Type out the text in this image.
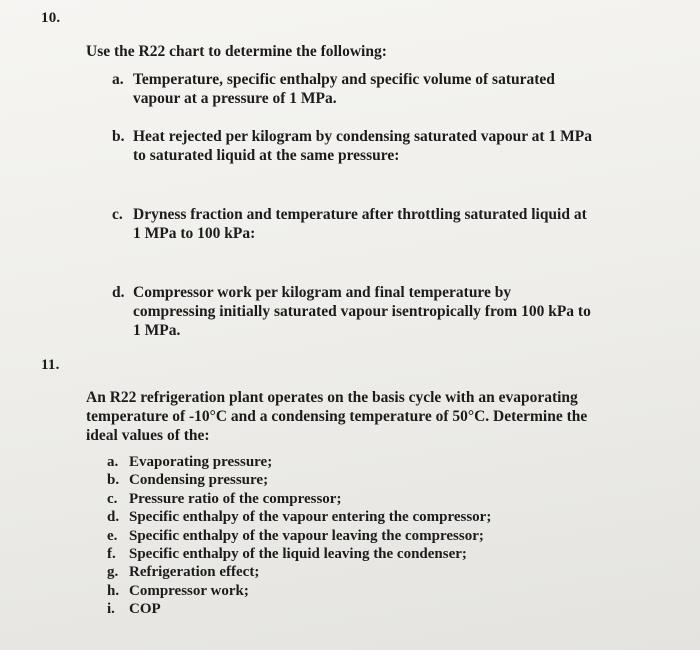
10.
Use the R22 chart to determine the following:
a. Temperature, specific enthalpy and specific volume of saturated vapour at a pressure of 1 MPa.
b. Heat rejected per kilogram by condensing saturated vapour at 1 MPa to saturated liquid at the same pressure:
c. Dryness fraction and temperature after throttling saturated liquid at 1 MPa to 100 kPa:
d. Compressor work per kilogram and final temperature by compressing initially saturated vapour isentropically from 100 kPa to 1 MPa.
11.
An R22 refrigeration plant operates on the basis cycle with an evaporating temperature of -10°C and a condensing temperature of 50°C. Determine the ideal values of the:
a. Evaporating pressure;
b. Condensing pressure;
c. Pressure ratio of the compressor;
d. Specific enthalpy of the vapour entering the compressor;
e. Specific enthalpy of the vapour leaving the compressor;
f. Specific enthalpy of the liquid leaving the condenser;
g. Refrigeration effect;
h. Compressor work;
i. COP
